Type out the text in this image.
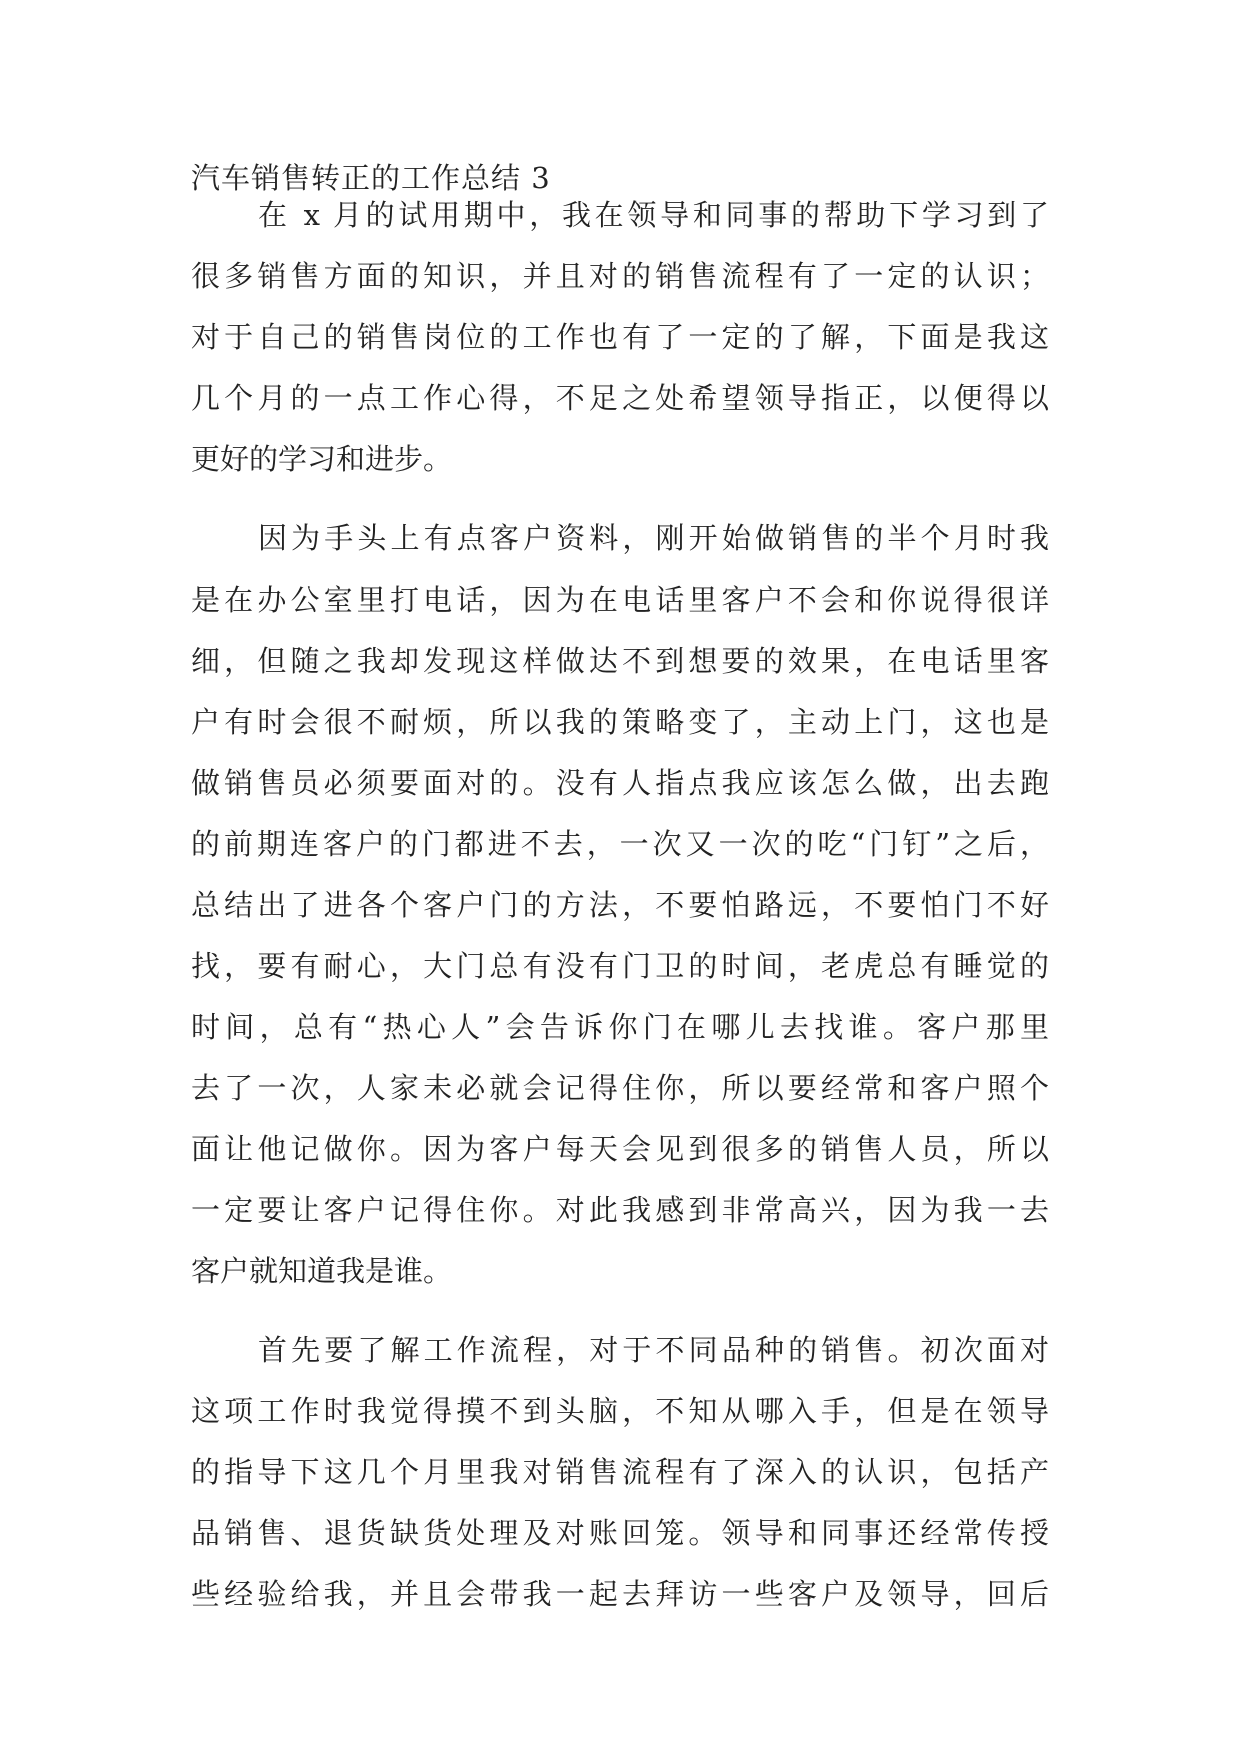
汽车销售转正的工作总结 3
在 x 月的试用期中，我在领导和同事的帮助下学习到了
很多销售方面的知识，并且对的销售流程有了一定的认识；
对于自己的销售岗位的工作也有了一定的了解，下面是我这
几个月的一点工作心得，不足之处希望领导指正，以便得以
更好的学习和进步。
因为手头上有点客户资料，刚开始做销售的半个月时我
是在办公室里打电话，因为在电话里客户不会和你说得很详
细，但随之我却发现这样做达不到想要的效果，在电话里客
户有时会很不耐烦，所以我的策略变了，主动上门，这也是
做销售员必须要面对的。没有人指点我应该怎么做，出去跑
的前期连客户的门都进不去，一次又一次的吃“门钉”之后，
总结出了进各个客户门的方法，不要怕路远，不要怕门不好
找，要有耐心，大门总有没有门卫的时间，老虎总有睡觉的
时间，总有“热心人”会告诉你门在哪儿去找谁。客户那里
去了一次，人家未必就会记得住你，所以要经常和客户照个
面让他记做你。因为客户每天会见到很多的销售人员，所以
一定要让客户记得住你。对此我感到非常高兴，因为我一去
客户就知道我是谁。
首先要了解工作流程，对于不同品种的销售。初次面对
这项工作时我觉得摸不到头脑，不知从哪入手，但是在领导
的指导下这几个月里我对销售流程有了深入的认识，包括产
品销售、退货缺货处理及对账回笼。领导和同事还经常传授
些经验给我，并且会带我一起去拜访一些客户及领导，回后
